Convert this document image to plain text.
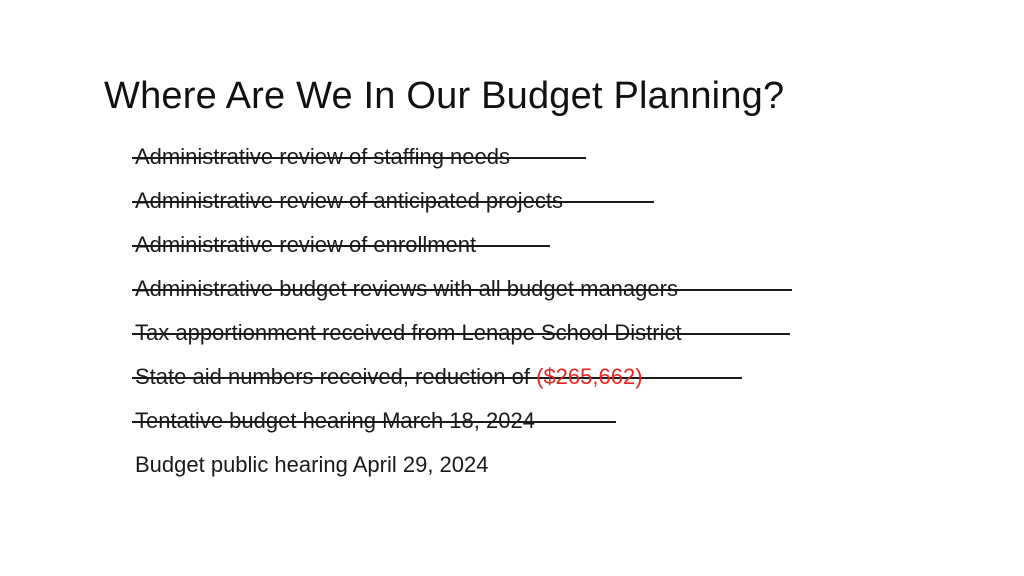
Where Are We In Our Budget Planning?
Administrative review of staffing needs
Administrative review of anticipated projects
Administrative review of enrollment
Administrative budget reviews with all budget managers
Tax apportionment received from Lenape School District
State aid numbers received, reduction of ($265,662)
Tentative budget hearing March 18, 2024
Budget public hearing April 29, 2024
